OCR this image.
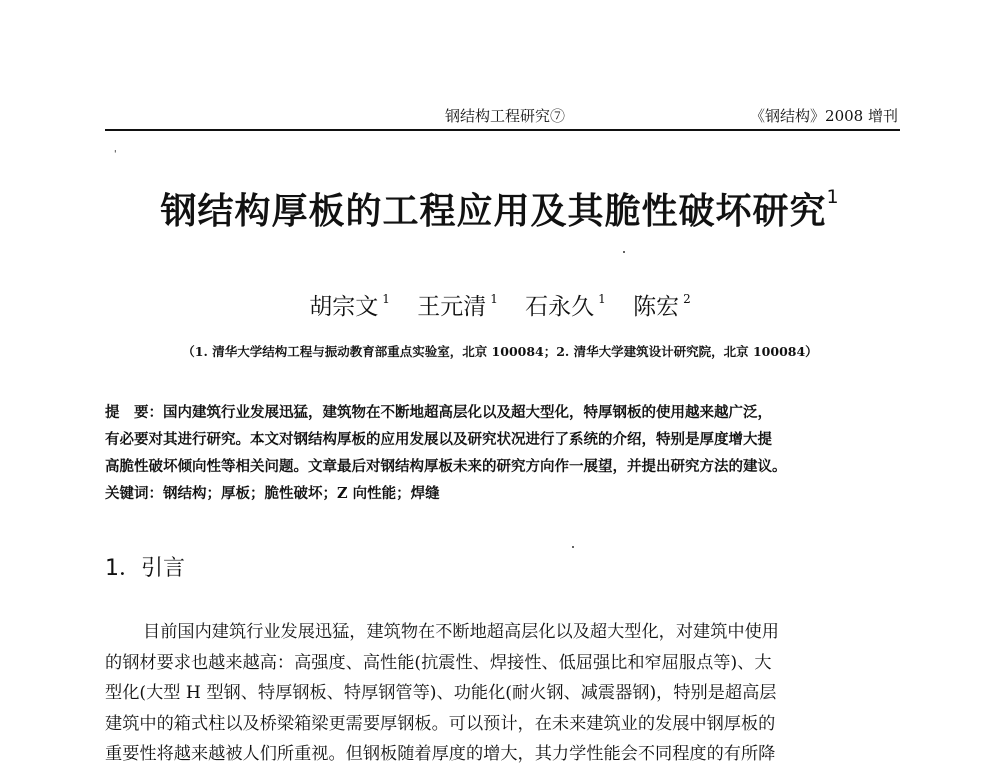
钢结构工程研究⑦	《钢结构》2008 增刊
'
钢结构厚板的工程应用及其脆性破坏研究$^1$
胡宗文 $^1$ 王元清 $^1$ 石永久 $^1$ 陈宏 $^2$
（1. 清华大学结构工程与振动教育部重点实验室，北京 100084；2. 清华大学建筑设计研究院，北京 100084）
提　要：国内建筑行业发展迅猛，建筑物在不断地超高层化以及超大型化，特厚钢板的使用越来越广泛，
有必要对其进行研究。本文对钢结构厚板的应用发展以及研究状况进行了系统的介绍，特别是厚度增大提
高脆性破坏倾向性等相关问题。文章最后对钢结构厚板未来的研究方向作一展望，并提出研究方法的建议。
关键词：钢结构；厚板；脆性破坏；Z 向性能；焊缝
1．引言
目前国内建筑行业发展迅猛，建筑物在不断地超高层化以及超大型化，对建筑中使用
的钢材要求也越来越高：高强度、高性能(抗震性、焊接性、低屈强比和窄屈服点等)、大
型化(大型 H 型钢、特厚钢板、特厚钢管等)、功能化(耐火钢、减震器钢)，特别是超高层
建筑中的箱式柱以及桥梁箱梁更需要厚钢板。可以预计，在未来建筑业的发展中钢厚板的
重要性将越来越被人们所重视。但钢板随着厚度的增大，其力学性能会不同程度的有所降
